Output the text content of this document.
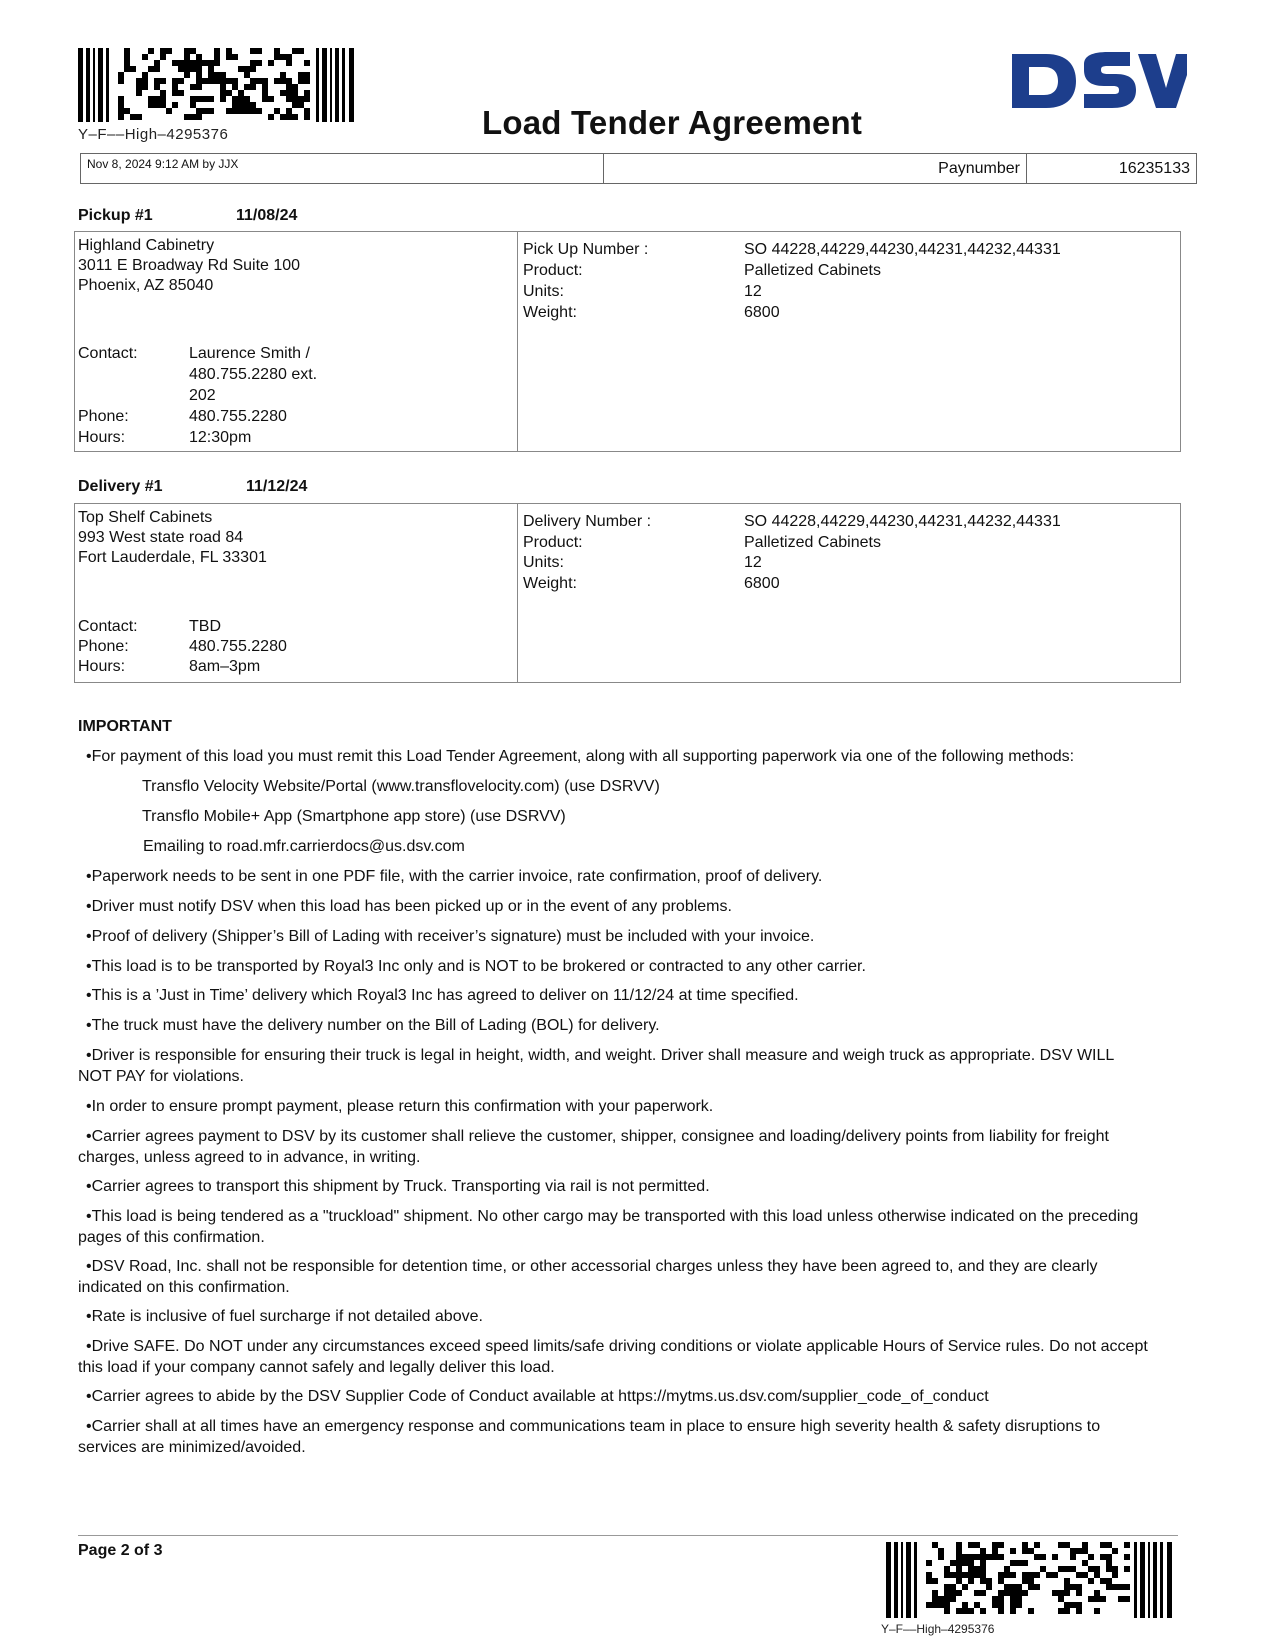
Y–F––High–4295376	Load Tender Agreement
Nov 8, 2024 9:12 AM by JJX	Paynumber	16235133
Pickup #1	11/08/24
Highland Cabinetry
3011 E Broadway Rd Suite 100
Phoenix, AZ 85040
Contact:	Laurence Smith /
480.755.2280 ext.
202
Phone:	480.755.2280
Hours:	12:30pm
Pick Up Number :	SO 44228,44229,44230,44231,44232,44331
Product:	Palletized Cabinets
Units:	12
Weight:	6800
Delivery #1	11/12/24
Top Shelf Cabinets
993 West state road 84
Fort Lauderdale, FL 33301
Contact:	TBD
Phone:	480.755.2280
Hours:	8am–3pm
Delivery Number :	SO 44228,44229,44230,44231,44232,44331
Product:	Palletized Cabinets
Units:	12
Weight:	6800
IMPORTANT
•For payment of this load you must remit this Load Tender Agreement, along with all supporting paperwork via one of the following methods:
Transflo Velocity Website/Portal (www.transflovelocity.com) (use DSRVV)
Transflo Mobile+ App (Smartphone app store) (use DSRVV)
Emailing to road.mfr.carrierdocs@us.dsv.com
•Paperwork needs to be sent in one PDF file, with the carrier invoice, rate confirmation, proof of delivery.
•Driver must notify DSV when this load has been picked up or in the event of any problems.
•Proof of delivery (Shipper’s Bill of Lading with receiver’s signature) must be included with your invoice.
•This load is to be transported by Royal3 Inc only and is NOT to be brokered or contracted to any other carrier.
•This is a ’Just in Time’ delivery which Royal3 Inc has agreed to deliver on 11/12/24 at time specified.
•The truck must have the delivery number on the Bill of Lading (BOL) for delivery.
•Driver is responsible for ensuring their truck is legal in height, width, and weight. Driver shall measure and weigh truck as appropriate. DSV WILL NOT PAY for violations.
•In order to ensure prompt payment, please return this confirmation with your paperwork.
•Carrier agrees payment to DSV by its customer shall relieve the customer, shipper, consignee and loading/delivery points from liability for freight charges, unless agreed to in advance, in writing.
•Carrier agrees to transport this shipment by Truck. Transporting via rail is not permitted.
•This load is being tendered as a "truckload" shipment. No other cargo may be transported with this load unless otherwise indicated on the preceding pages of this confirmation.
•DSV Road, Inc. shall not be responsible for detention time, or other accessorial charges unless they have been agreed to, and they are clearly indicated on this confirmation.
•Rate is inclusive of fuel surcharge if not detailed above.
•Drive SAFE. Do NOT under any circumstances exceed speed limits/safe driving conditions or violate applicable Hours of Service rules. Do not accept this load if your company cannot safely and legally deliver this load.
•Carrier agrees to abide by the DSV Supplier Code of Conduct available at https://mytms.us.dsv.com/supplier_code_of_conduct
•Carrier shall at all times have an emergency response and communications team in place to ensure high severity health & safety disruptions to services are minimized/avoided.
Page 2 of 3
Y–F––High–4295376
